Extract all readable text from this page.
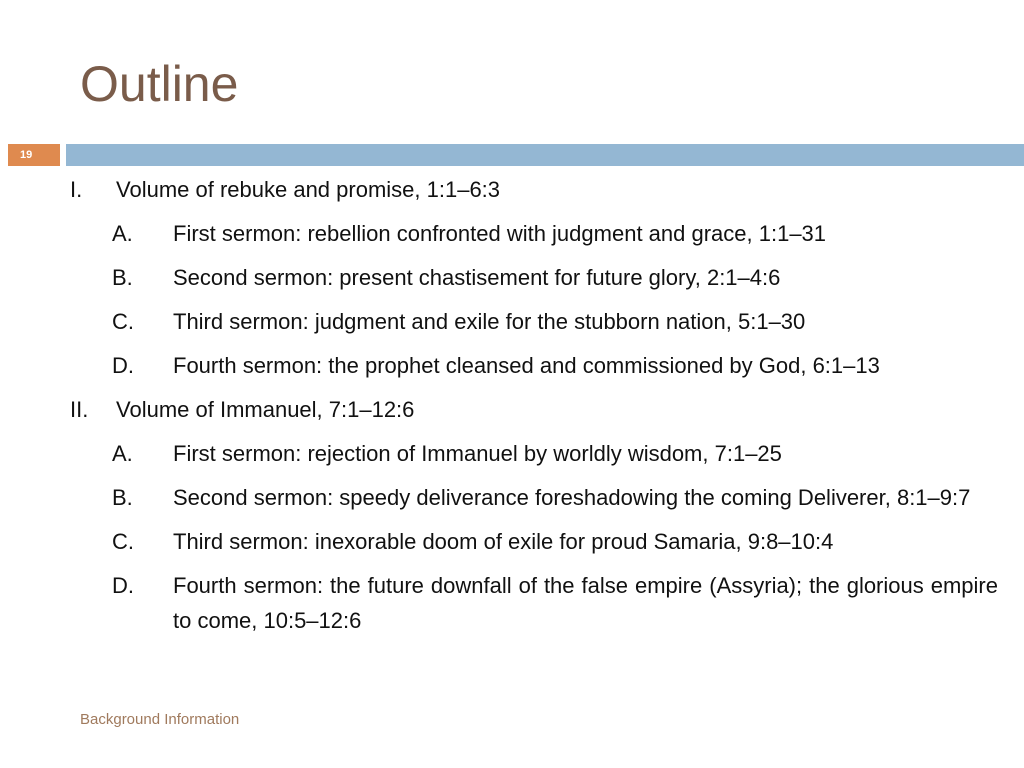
Outline
19
I. Volume of rebuke and promise, 1:1–6:3
A. First sermon: rebellion confronted with judgment and grace, 1:1–31
B. Second sermon: present chastisement for future glory, 2:1–4:6
C. Third sermon: judgment and exile for the stubborn nation, 5:1–30
D. Fourth sermon: the prophet cleansed and commissioned by God, 6:1–13
II. Volume of Immanuel, 7:1–12:6
A. First sermon: rejection of Immanuel by worldly wisdom, 7:1–25
B. Second sermon: speedy deliverance foreshadowing the coming Deliverer, 8:1–9:7
C. Third sermon: inexorable doom of exile for proud Samaria, 9:8–10:4
D. Fourth sermon: the future downfall of the false empire (Assyria); the glorious empire to come, 10:5–12:6
Background Information
